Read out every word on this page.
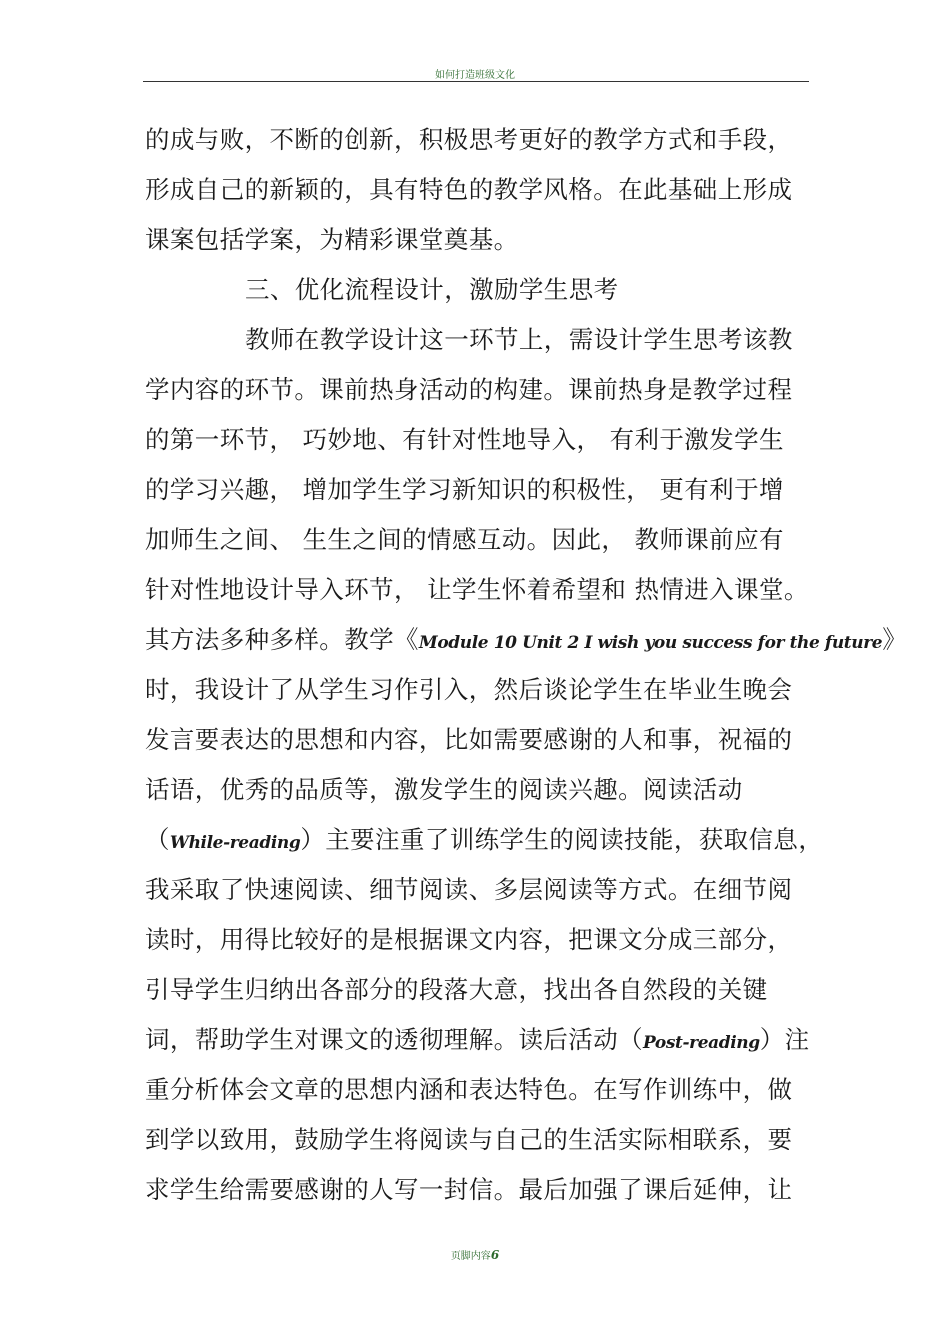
如何打造班级文化
的成与败，不断的创新，积极思考更好的教学方式和手段，
形成自己的新颖的，具有特色的教学风格。在此基础上形成
课案包括学案，为精彩课堂奠基。
三、优化流程设计，激励学生思考
教师在教学设计这一环节上，需设计学生思考该教
学内容的环节。课前热身活动的构建。课前热身是教学过程
的第一环节， 巧妙地、有针对性地导入， 有利于激发学生
的学习兴趣， 增加学生学习新知识的积极性， 更有利于增
加师生之间、 生生之间的情感互动。因此， 教师课前应有
针对性地设计导入环节， 让学生怀着希望和 热情进入课堂。
其方法多种多样。教学《Module 10 Unit 2 I wish you success for the future》
时，我设计了从学生习作引入，然后谈论学生在毕业生晚会
发言要表达的思想和内容，比如需要感谢的人和事，祝福的
话语，优秀的品质等，激发学生的阅读兴趣。阅读活动
（While-reading）主要注重了训练学生的阅读技能，获取信息，
我采取了快速阅读、细节阅读、多层阅读等方式。在细节阅
读时，用得比较好的是根据课文内容，把课文分成三部分，
引导学生归纳出各部分的段落大意，找出各自然段的关键
词，帮助学生对课文的透彻理解。读后活动（Post-reading）注
重分析体会文章的思想内涵和表达特色。在写作训练中，做
到学以致用，鼓励学生将阅读与自己的生活实际相联系，要
求学生给需要感谢的人写一封信。最后加强了课后延伸，让
页脚内容6
